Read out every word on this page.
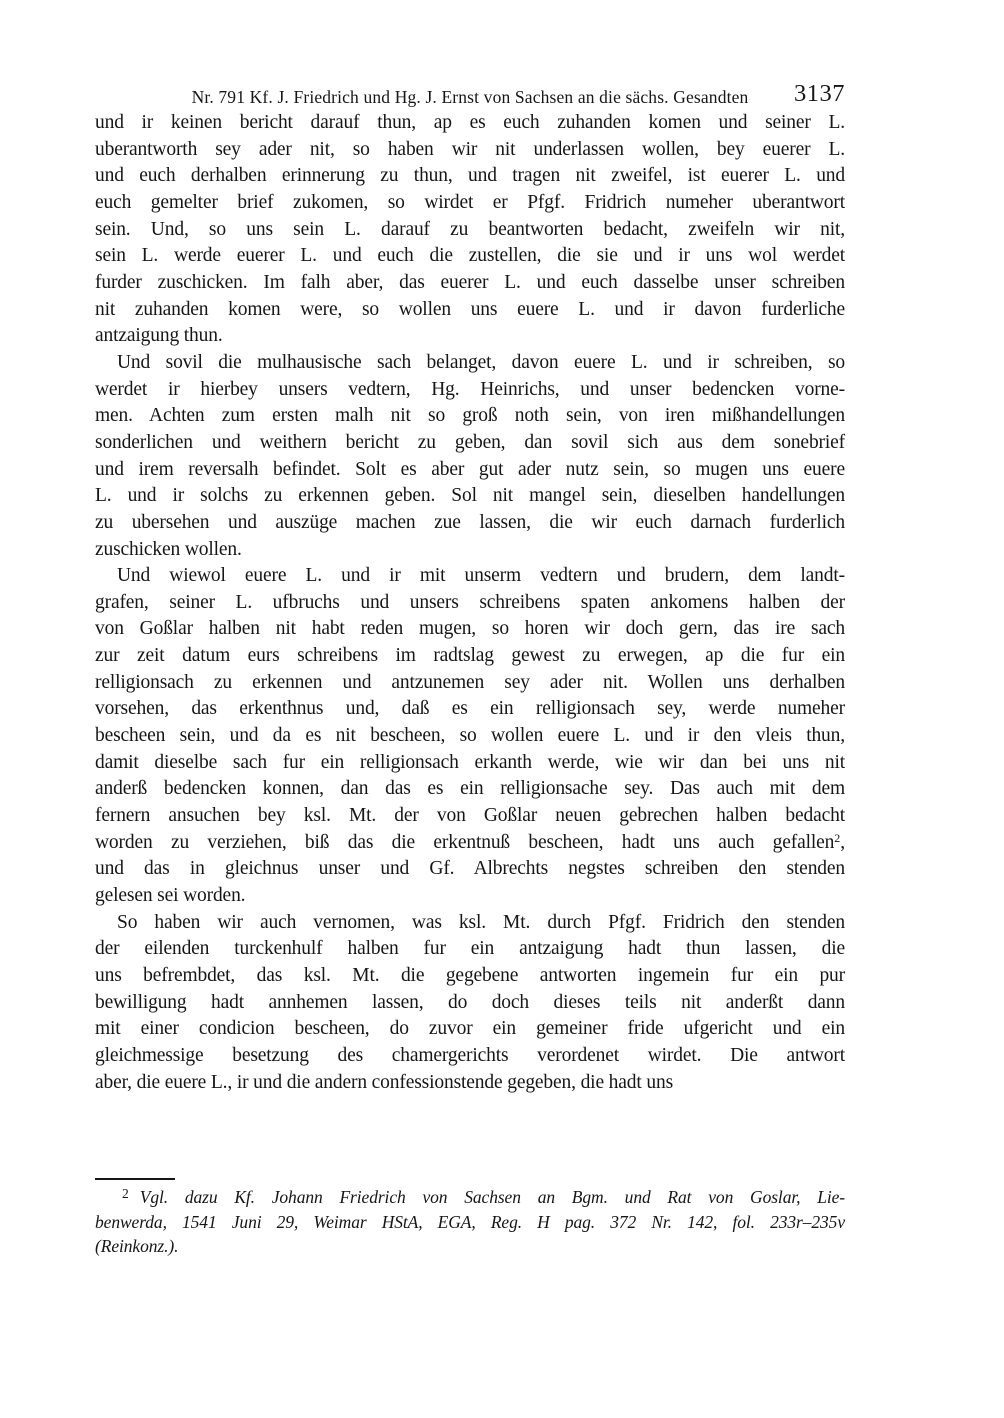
Nr. 791 Kf. J. Friedrich und Hg. J. Ernst von Sachsen an die sächs. Gesandten	3137
und ir keinen bericht darauf thun, ap es euch zuhanden komen und seiner L.
uberantworth sey ader nit, so haben wir nit underlassen wollen, bey euerer L.
und euch derhalben erinnerung zu thun, und tragen nit zweifel, ist euerer L. und
euch gemelter brief zukomen, so wirdet er Pfgf. Fridrich numeher uberantwort
sein. Und, so uns sein L. darauf zu beantworten bedacht, zweifeln wir nit,
sein L. werde euerer L. und euch die zustellen, die sie und ir uns wol werdet
furder zuschicken. Im falh aber, das euerer L. und euch dasselbe unser schreiben
nit zuhanden komen were, so wollen uns euere L. und ir davon furderliche
antzaigung thun.
Und sovil die mulhausische sach belanget, davon euere L. und ir schreiben, so
werdet ir hierbey unsers vedtern, Hg. Heinrichs, und unser bedencken vorne-
men. Achten zum ersten malh nit so groß noth sein, von iren mißhandellungen
sonderlichen und weithern bericht zu geben, dan sovil sich aus dem sonebrief
und irem reversalh befindet. Solt es aber gut ader nutz sein, so mugen uns euere
L. und ir solchs zu erkennen geben. Sol nit mangel sein, dieselben handellungen
zu ubersehen und auszüge machen zue lassen, die wir euch darnach furderlich
zuschicken wollen.
Und wiewol euere L. und ir mit unserm vedtern und brudern, dem landt-
grafen, seiner L. ufbruchs und unsers schreibens spaten ankomens halben der
von Goßlar halben nit habt reden mugen, so horen wir doch gern, das ire sach
zur zeit datum eurs schreibens im radtslag gewest zu erwegen, ap die fur ein
relligionsach zu erkennen und antzunemen sey ader nit. Wollen uns derhalben
vorsehen, das erkenthnus und, daß es ein relligionsach sey, werde numeher
bescheen sein, und da es nit bescheen, so wollen euere L. und ir den vleis thun,
damit dieselbe sach fur ein relligionsach erkanth werde, wie wir dan bei uns nit
anderß bedencken konnen, dan das es ein relligionsache sey. Das auch mit dem
fernern ansuchen bey ksl. Mt. der von Goßlar neuen gebrechen halben bedacht
worden zu verziehen, biß das die erkentnuß bescheen, hadt uns auch gefallen$^2$,
und das in gleichnus unser und Gf. Albrechts negstes schreiben den stenden
gelesen sei worden.
So haben wir auch vernomen, was ksl. Mt. durch Pfgf. Fridrich den stenden
der eilenden turckenhulf halben fur ein antzaigung hadt thun lassen, die
uns befrembdet, das ksl. Mt. die gegebene antworten ingemein fur ein pur
bewilligung hadt annhemen lassen, do doch dieses teils nit anderßt dann
mit einer condicion bescheen, do zuvor ein gemeiner fride ufgericht und ein
gleichmessige besetzung des chamergerichts verordenet wirdet. Die antwort
aber, die euere L., ir und die andern confessionstende gegeben, die hadt uns
$^2$ Vgl. dazu Kf. Johann Friedrich von Sachsen an Bgm. und Rat von Goslar, Lie-
benwerda, 1541 Juni 29, Weimar HStA, EGA, Reg. H pag. 372 Nr. 142, fol. 233r–235v
(Reinkonz.).
